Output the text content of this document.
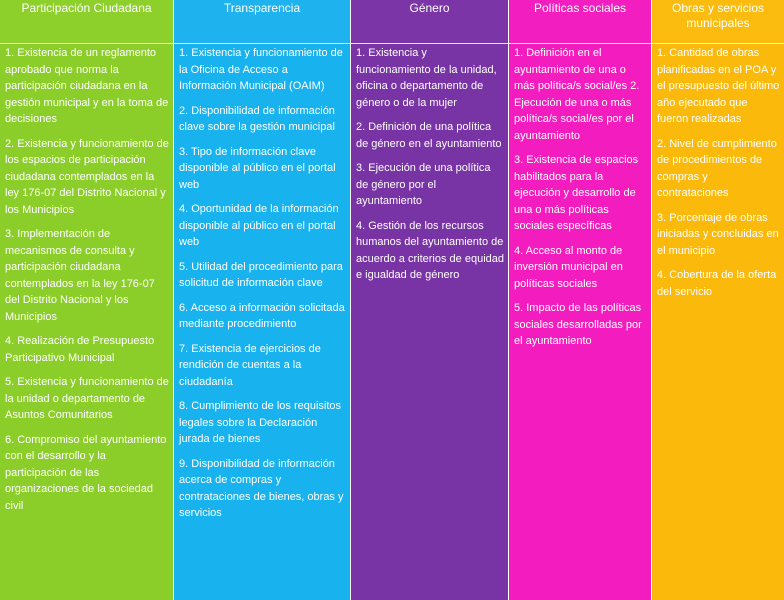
Participación Ciudadana
1. Existencia de un reglamento aprobado que norma la participación ciudadana en la gestión municipal y en la toma de decisiones
2. Existencia y funcionamiento de los espacios de participación ciudadana contemplados en la ley 176-07 del Distrito Nacional y los Municipios
3. Implementación de mecanismos de consulta y participación ciudadana contemplados en la ley 176-07 del Distrito Nacional y los Municipios
4. Realización de Presupuesto Participativo Municipal
5. Existencia y funcionamiento de la unidad o departamento de Asuntos Comunitarios
6. Compromiso del ayuntamiento con el desarrollo y la participación de las organizaciones de la sociedad civil
Transparencia
1. Existencia y funcionamiento de la Oficina de Acceso a Información Municipal (OAIM)
2. Disponibilidad de información clave sobre la gestión municipal
3. Tipo de información clave disponible al público en el portal web
4. Oportunidad de la información disponible al público en el portal web
5. Utilidad del procedimiento para solicitud de información clave
6. Acceso a información solicitada mediante procedimiento
7. Existencia de ejercicios de rendición de cuentas a la ciudadanía
8. Cumplimiento de los requisitos legales sobre la Declaración jurada de bienes
9. Disponibilidad de información acerca de compras y contrataciones de bienes, obras y servicios
Género
1. Existencia y funcionamiento de la unidad, oficina o departamento de género o de la mujer
2. Definición de una política de género en el ayuntamiento
3. Ejecución de una política de género por el ayuntamiento
4. Gestión de los recursos humanos del ayuntamiento de acuerdo a criterios de equidad e igualdad de género
Políticas sociales
1. Definición en el ayuntamiento de una o más política/s social/es 2. Ejecución de una o más política/s social/es por el ayuntamiento
3. Existencia de espacios habilitados para la ejecución y desarrollo de una o más políticas sociales específicas
4. Acceso al monto de inversión municipal en políticas sociales
5. Impacto de las políticas sociales desarrolladas por el ayuntamiento
Obras y servicios municipales
1. Cantidad de obras planificadas en el POA y el presupuesto del último año ejecutado que fueron realizadas
2. Nivel de cumplimiento de procedimientos de compras y contrataciones
3. Porcentaje de obras iniciadas y concluidas en el municipio
4. Cobertura de la oferta del servicio
